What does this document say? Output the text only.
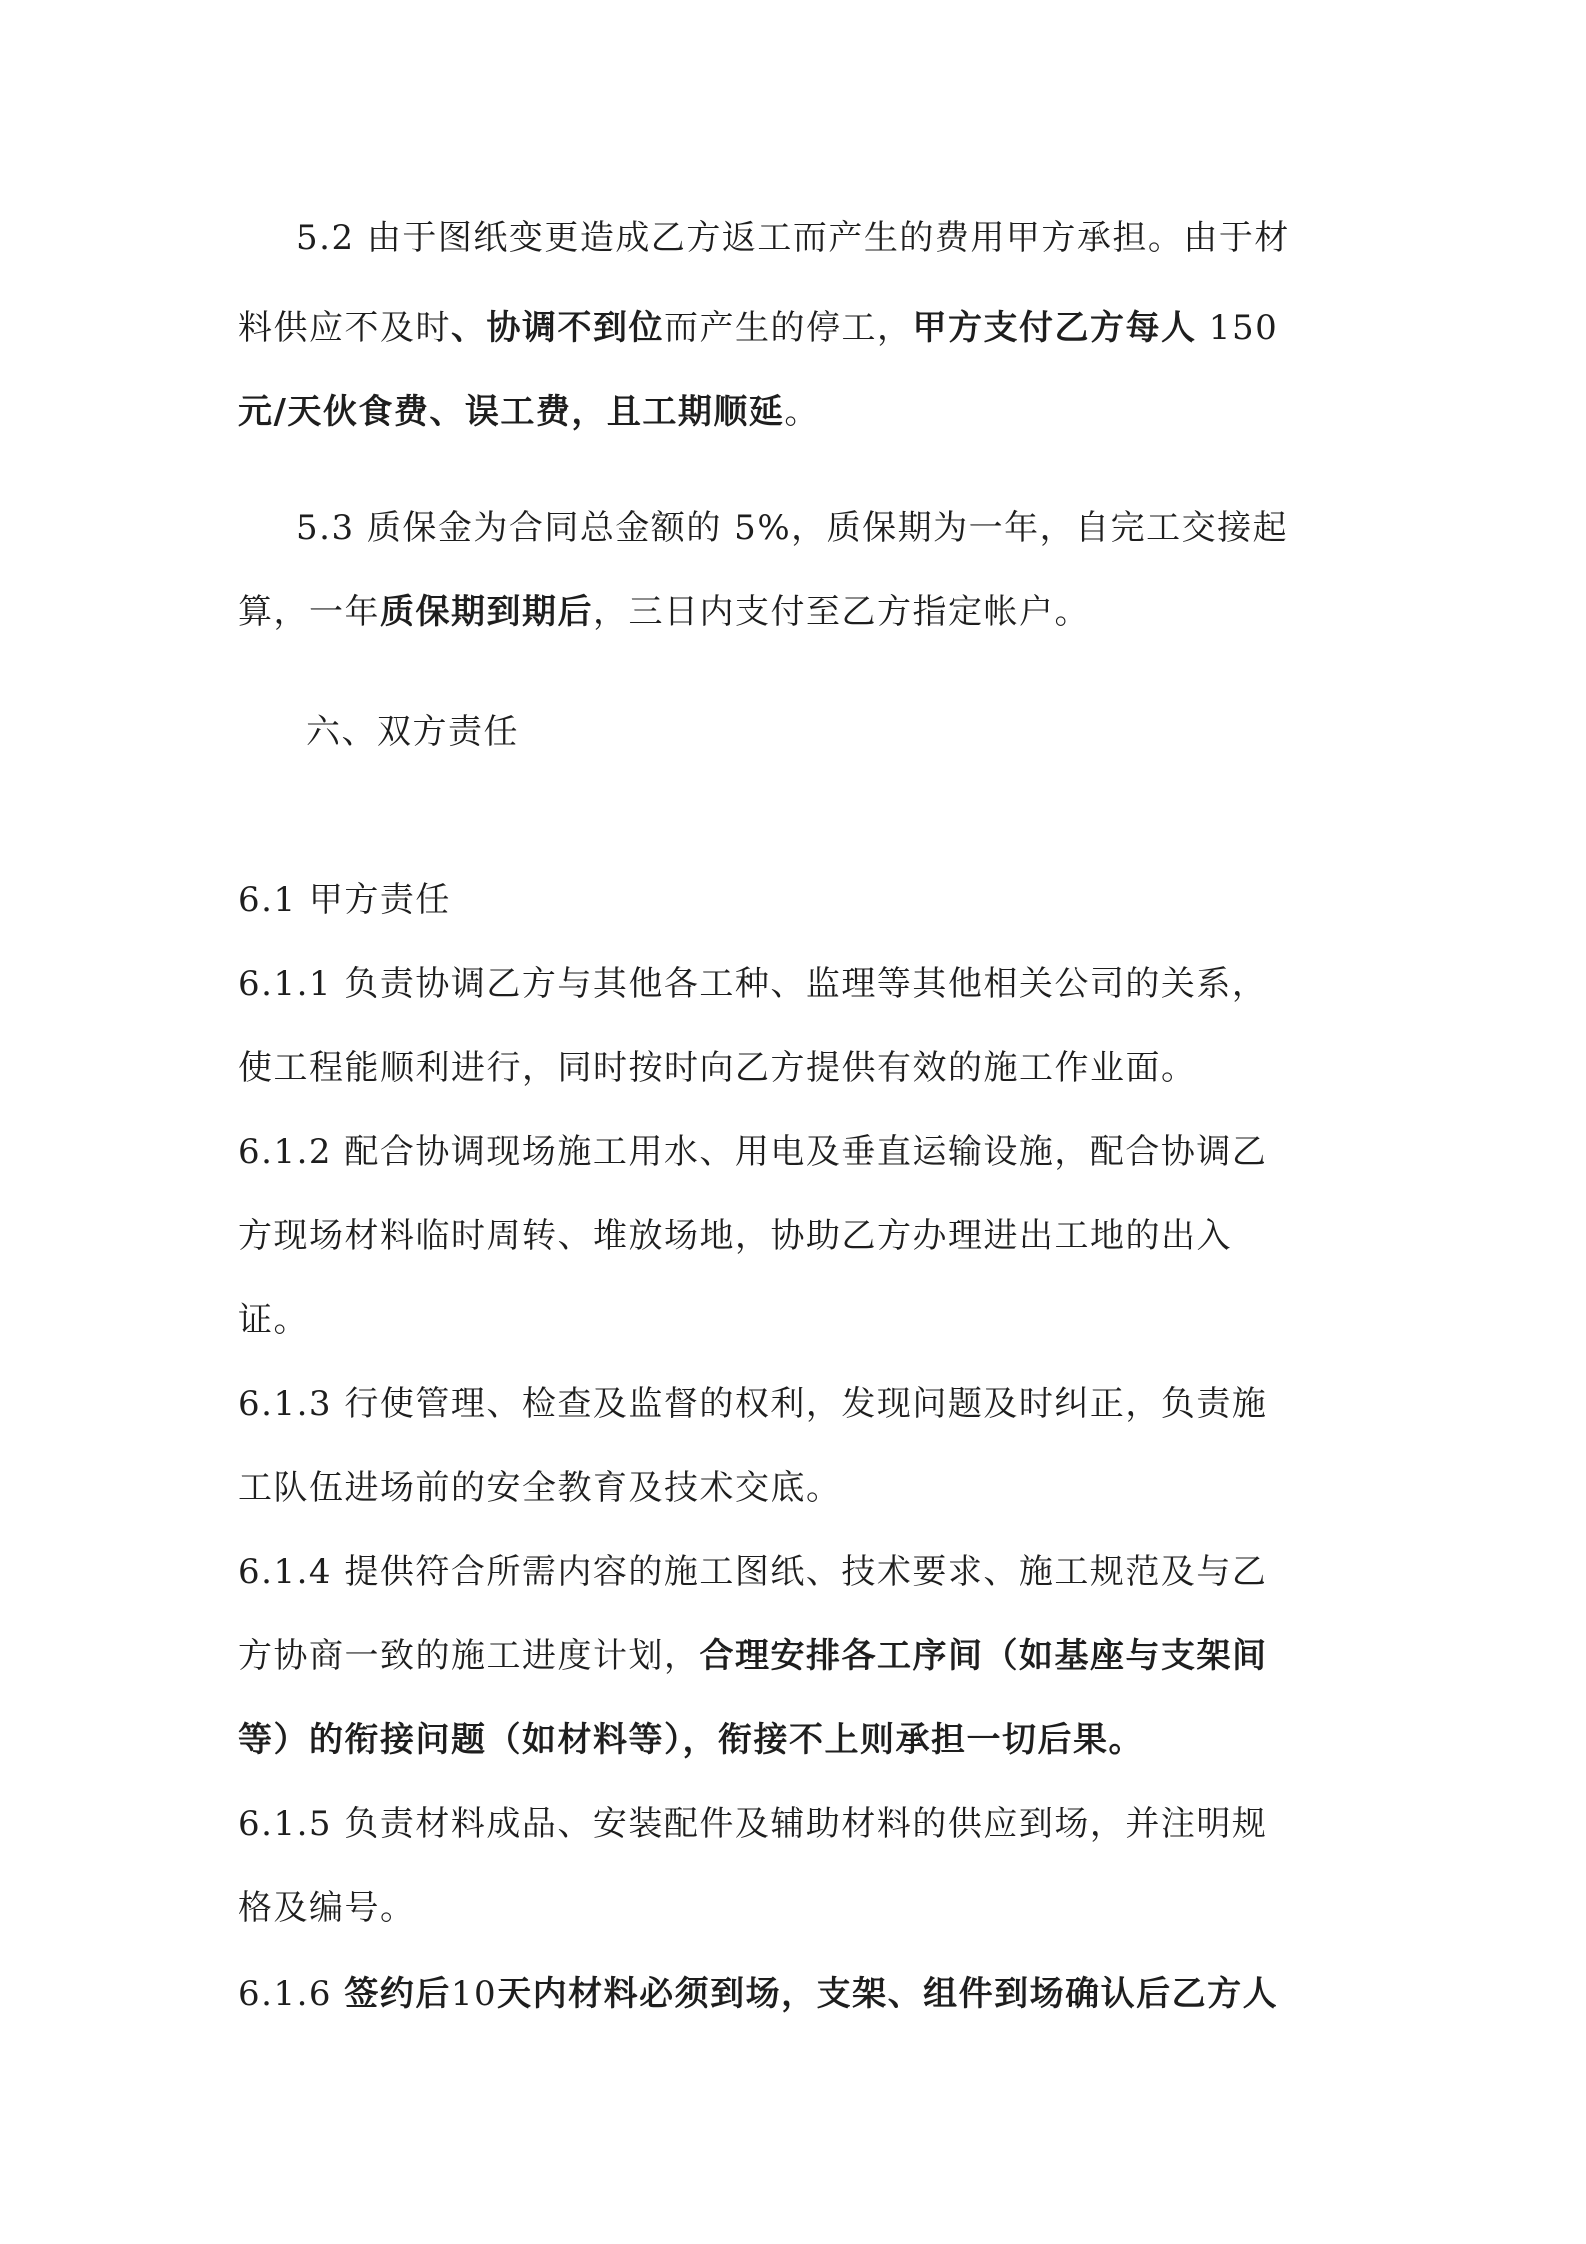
5.2 由于图纸变更造成乙方返工而产生的费用甲方承担。由于材
料供应不及时、协调不到位而产生的停工，甲方支付乙方每人 150
元/天伙食费、误工费，且工期顺延。
5.3 质保金为合同总金额的 5%，质保期为一年，自完工交接起
算，一年质保期到期后，三日内支付至乙方指定帐户。
六、双方责任
6.1 甲方责任
6.1.1 负责协调乙方与其他各工种、监理等其他相关公司的关系，
使工程能顺利进行，同时按时向乙方提供有效的施工作业面。
6.1.2 配合协调现场施工用水、用电及垂直运输设施，配合协调乙
方现场材料临时周转、堆放场地，协助乙方办理进出工地的出入
证。
6.1.3 行使管理、检查及监督的权利，发现问题及时纠正，负责施
工队伍进场前的安全教育及技术交底。
6.1.4 提供符合所需内容的施工图纸、技术要求、施工规范及与乙
方协商一致的施工进度计划，合理安排各工序间（如基座与支架间
等）的衔接问题（如材料等），衔接不上则承担一切后果。
6.1.5 负责材料成品、安装配件及辅助材料的供应到场，并注明规
格及编号。
6.1.6 签约后10天内材料必须到场，支架、组件到场确认后乙方人
